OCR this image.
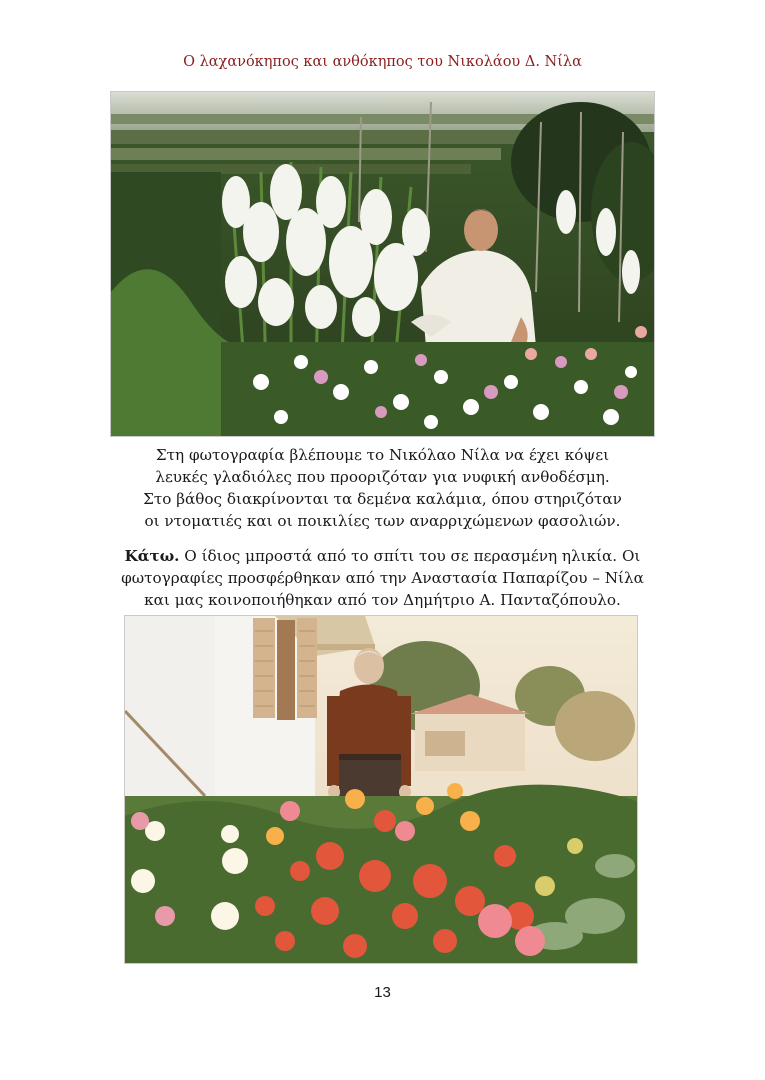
Ο λαχανόκηπος και ανθόκηπος του Νικολάου Δ. Νίλα
Στη φωτογραφία βλέπουμε το Νικόλαο Νίλα να έχει κόψει
λευκές γλαδιόλες που προοριζόταν για νυφική ανθοδέσμη.
Στο βάθος διακρίνονται τα δεμένα καλάμια, όπου στηριζόταν
οι ντοματιές και οι ποικιλίες των αναρριχώμενων φασολιών.
Κάτω. Ο ίδιος μπροστά από το σπίτι του σε περασμένη ηλικία. Οι
φωτογραφίες προσφέρθηκαν από την Αναστασία Παπαρίζου – Νίλα
και μας κοινοποιήθηκαν από τον Δημήτριο Α. Πανταζόπουλο.
13
